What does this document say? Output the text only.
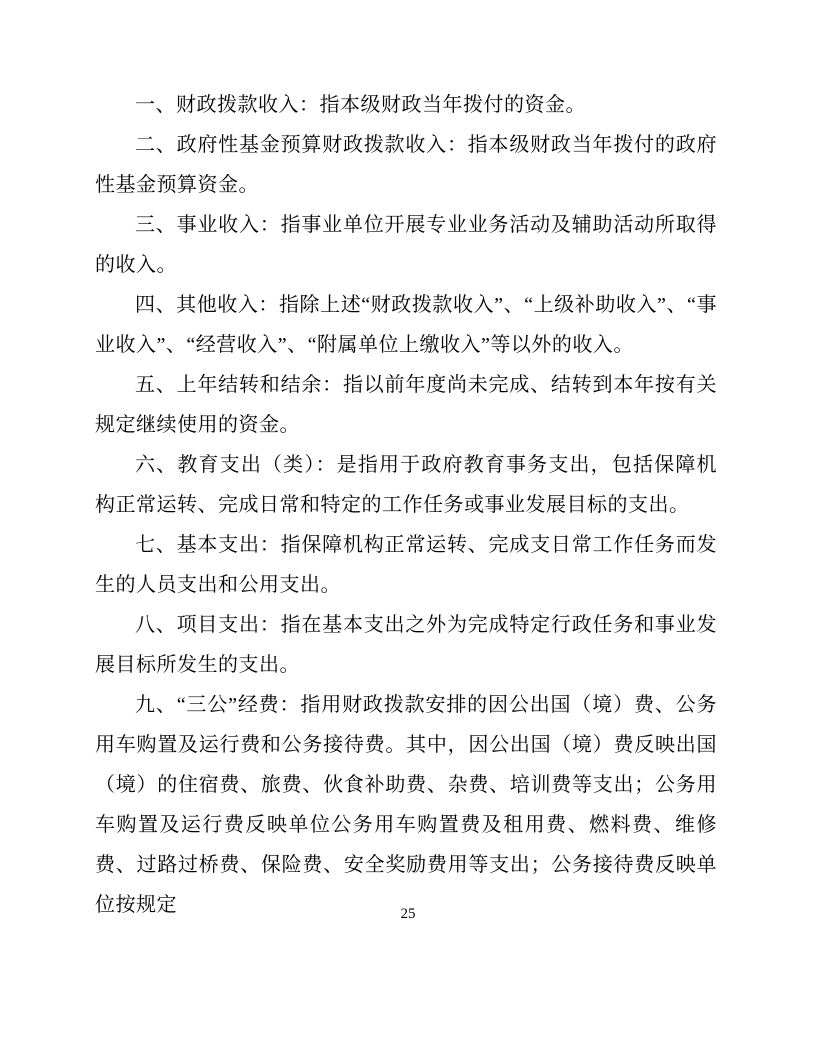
一、财政拨款收入：指本级财政当年拨付的资金。

二、政府性基金预算财政拨款收入：指本级财政当年拨付的政府性基金预算资金。

三、事业收入：指事业单位开展专业业务活动及辅助活动所取得的收入。

四、其他收入：指除上述“财政拨款收入”、“上级补助收入”、“事业收入”、“经营收入”、“附属单位上缴收入”等以外的收入。

五、上年结转和结余：指以前年度尚未完成、结转到本年按有关规定继续使用的资金。

六、教育支出（类）：是指用于政府教育事务支出，包括保障机构正常运转、完成日常和特定的工作任务或事业发展目标的支出。

七、基本支出：指保障机构正常运转、完成支日常工作任务而发生的人员支出和公用支出。

八、项目支出：指在基本支出之外为完成特定行政任务和事业发展目标所发生的支出。

九、“三公”经费：指用财政拨款安排的因公出国（境）费、公务用车购置及运行费和公务接待费。其中，因公出国（境）费反映出国（境）的住宿费、旅费、伙食补助费、杂费、培训费等支出；公务用车购置及运行费反映单位公务用车购置费及租用费、燃料费、维修费、过路过桥费、保险费、安全奖励费用等支出；公务接待费反映单位按规定	25
